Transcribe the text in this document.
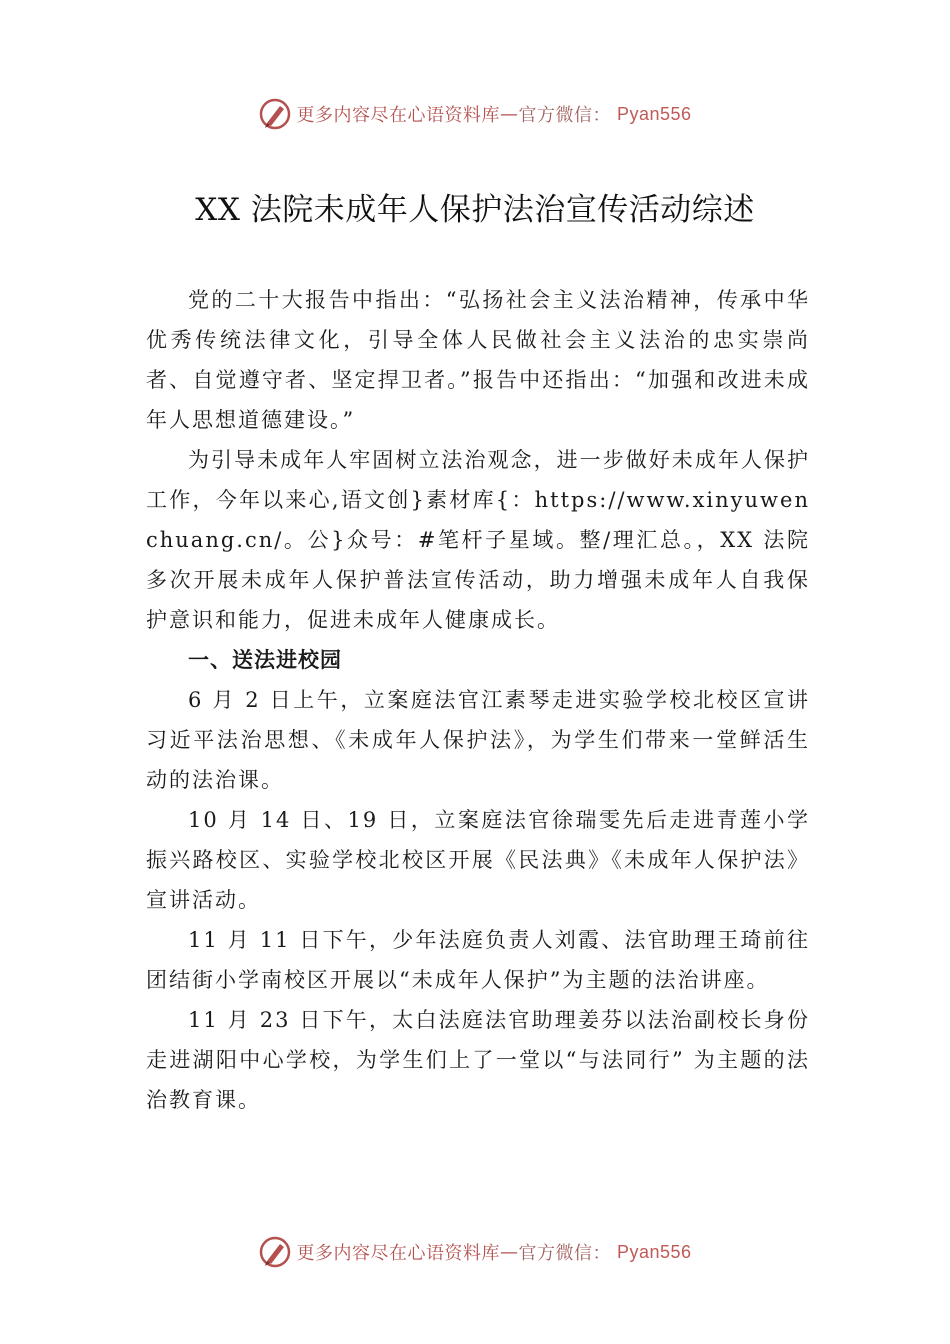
更多内容尽在心语资料库 — 官方微信： Pyan556
XX 法院未成年人保护法治宣传活动综述

党的二十大报告中指出：“弘扬社会主义法治精神，传承中华优秀传统法律文化，引导全体人民做社会主义法治的忠实崇尚者、自觉遵守者、坚定捍卫者。”报告中还指出：“加强和改进未成年人思想道德建设。”

为引导未成年人牢固树立法治观念，进一步做好未成年人保护工作，今年以来心,语文创}素材库{：https://www.xinyuwenchuang.cn/。公}众号：#笔杆子星域。整/理汇总。，XX 法院多次开展未成年人保护普法宣传活动，助力增强未成年人自我保护意识和能力，促进未成年人健康成长。

一、送法进校园

6 月 2 日上午，立案庭法官江素琴走进实验学校北校区宣讲习近平法治思想、《未成年人保护法》，为学生们带来一堂鲜活生动的法治课。

10 月 14 日、19 日，立案庭法官徐瑞雯先后走进青莲小学振兴路校区、实验学校北校区开展《民法典》《未成年人保护法》宣讲活动。

11 月 11 日下午，少年法庭负责人刘霞、法官助理王琦前往团结街小学南校区开展以“未成年人保护”为主题的法治讲座。

11 月 23 日下午，太白法庭法官助理姜芬以法治副校长身份走进湖阳中心学校，为学生们上了一堂以“与法同行” 为主题的法治教育课。

更多内容尽在心语资料库 — 官方微信： Pyan556
